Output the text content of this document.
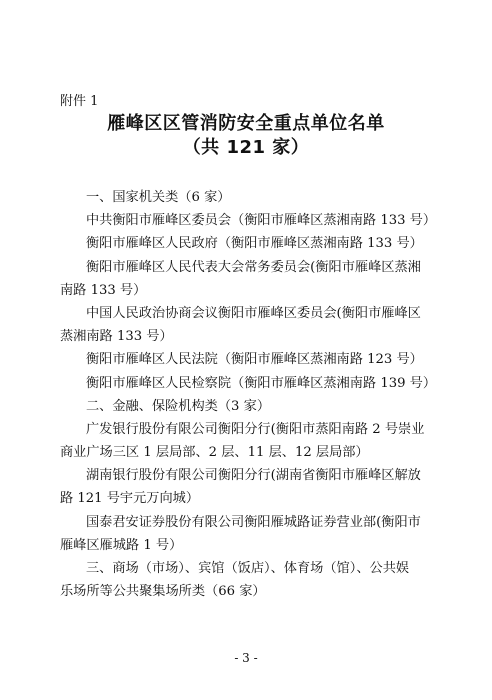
附件 1
雁峰区区管消防安全重点单位名单
（共 121 家）
一、国家机关类（6 家）
中共衡阳市雁峰区委员会（衡阳市雁峰区蒸湘南路 133 号）
衡阳市雁峰区人民政府（衡阳市雁峰区蒸湘南路 133 号）
衡阳市雁峰区人民代表大会常务委员会(衡阳市雁峰区蒸湘
南路 133 号）
中国人民政治协商会议衡阳市雁峰区委员会(衡阳市雁峰区
蒸湘南路 133 号）
衡阳市雁峰区人民法院（衡阳市雁峰区蒸湘南路 123 号）
衡阳市雁峰区人民检察院（衡阳市雁峰区蒸湘南路 139 号）
二、金融、保险机构类（3 家）
广发银行股份有限公司衡阳分行(衡阳市蒸阳南路 2 号崇业
商业广场三区 1 层局部、2 层、11 层、12 层局部）
湖南银行股份有限公司衡阳分行(湖南省衡阳市雁峰区解放
路 121 号宇元万向城）
国泰君安证券股份有限公司衡阳雁城路证券营业部(衡阳市
雁峰区雁城路 1 号）
三、商场（市场）、宾馆（饭店）、体育场（馆）、公共娱
乐场所等公共聚集场所类（66 家）
- 3 -
